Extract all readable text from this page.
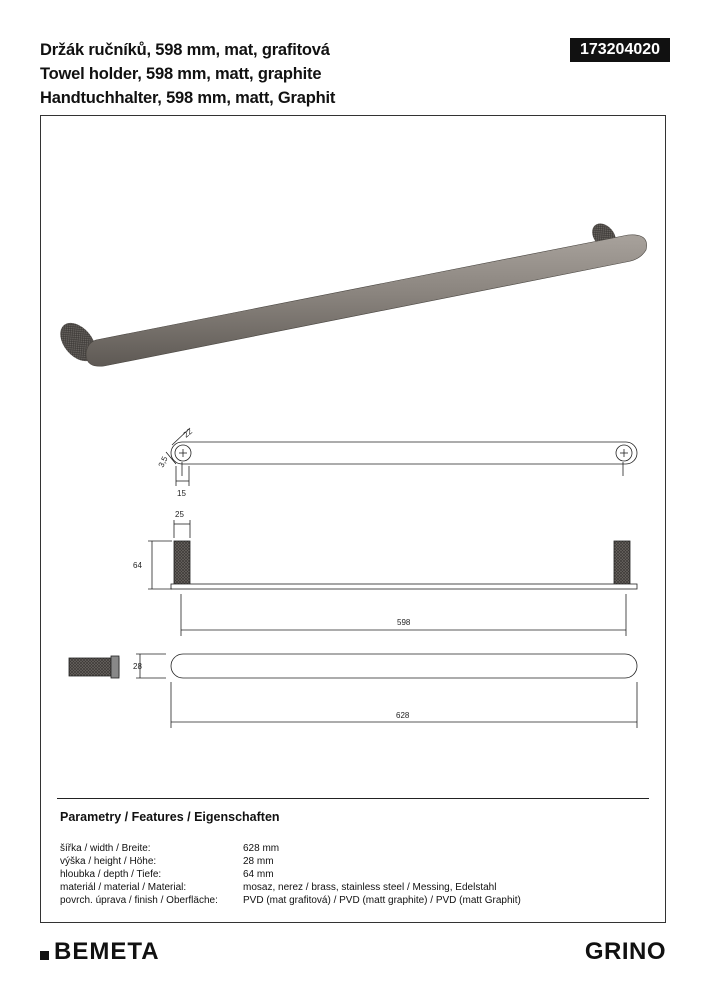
Držák ručníků, 598 mm, mat, grafitová
Towel holder, 598 mm, matt, graphite
Handtuchhalter, 598 mm, matt, Graphit
173204020
22
3,5
15
25
64
598
28
628
Parametry / Features / Eigenschaften
šířka / width / Breite:	628 mm
výška / height / Höhe:	28 mm
hloubka / depth / Tiefe:	64 mm
materiál / material / Material:	mosaz, nerez / brass, stainless steel / Messing, Edelstahl
povrch. úprava / finish / Oberfläche:	PVD (mat grafitová) / PVD (matt graphite) / PVD (matt Graphit)
BEMETA	GRINO
